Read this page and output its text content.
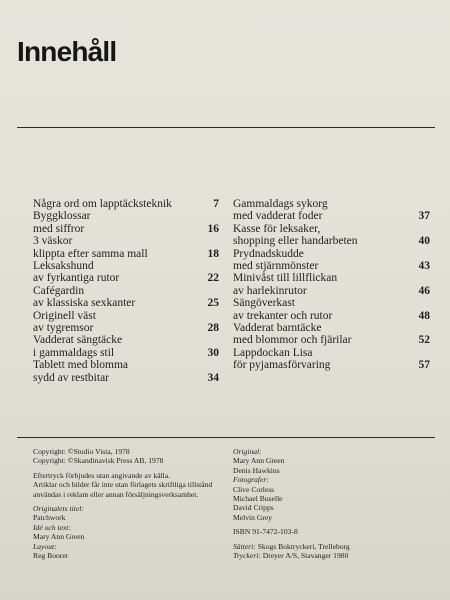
Innehåll
Några ord om lapptäcksteknik	7
Byggklossar
med siffror	16
3 väskor
klippta efter samma mall	18
Leksakshund
av fyrkantiga rutor	22
Cafégardin
av klassiska sexkanter	25
Originell väst
av tygremsor	28
Vadderat sängtäcke
i gammaldags stil	30
Tablett med blomma
sydd av restbitar	34
Gammaldags sykorg
med vadderat foder	37
Kasse för leksaker,
shopping eller handarbeten	40
Prydnadskudde
med stjärnmönster	43
Minivåst till lillflickan
av harlekinrutor	46
Sängöverkast
av trekanter och rutor	48
Vadderat barntäcke
med blommor och fjärilar	52
Lappdockan Lisa
för pyjamasförvaring	57
Copyright: ©Studio Vista, 1978
Copyright: ©Skandinavisk Press AB, 1978
Eftertryck förbjudes utan angivande av källa.
Artiklar och bilder får inte utan förlagets skriftliga tillstånd
användas i reklam eller annan försäljningsverksamhet.
Originalets titel:
Patchwork
Idé och text:
Mary Ann Green
Layout:
Reg Boorer
Original:
Mary Ann Green
Denis Hawkins
Fotografer:
Clive Corless
Michael Buselle
David Cripps
Melvin Grey
ISBN 91-7472-103-8
Sätteri: Skogs Boktryckeri, Trelleborg
Tryckeri: Dreyer A/S, Stavanger 1980
